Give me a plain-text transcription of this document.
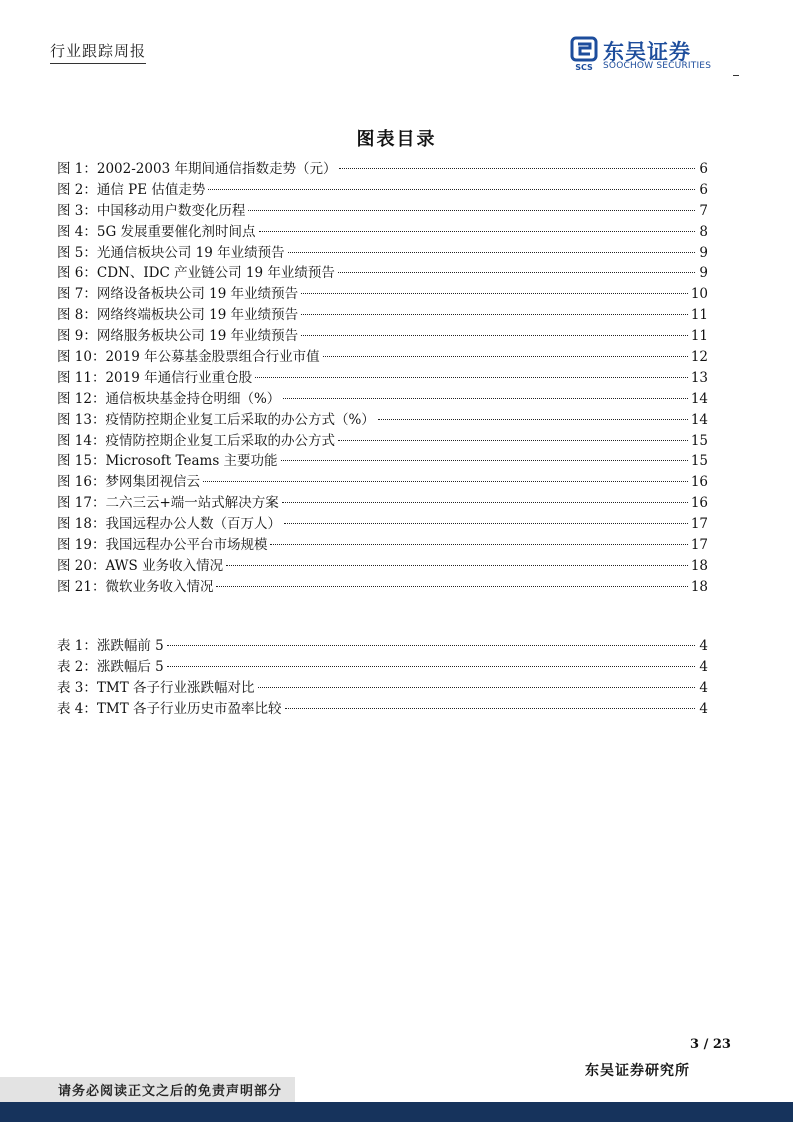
行业跟踪周报
SCS
东吴证券
SOOCHOW SECURITIES
图表目录
图 1：2002-2003 年期间通信指数走势（元）	6
图 2：通信 PE 估值走势	6
图 3：中国移动用户数变化历程	7
图 4：5G 发展重要催化剂时间点	8
图 5：光通信板块公司 19 年业绩预告	9
图 6：CDN、IDC 产业链公司 19 年业绩预告	9
图 7：网络设备板块公司 19 年业绩预告	10
图 8：网络终端板块公司 19 年业绩预告	11
图 9：网络服务板块公司 19 年业绩预告	11
图 10：2019 年公募基金股票组合行业市值	12
图 11：2019 年通信行业重仓股	13
图 12：通信板块基金持仓明细（%）	14
图 13：疫情防控期企业复工后采取的办公方式（%）	14
图 14：疫情防控期企业复工后采取的办公方式	15
图 15：Microsoft Teams 主要功能	15
图 16：梦网集团视信云	16
图 17：二六三云+端一站式解决方案	16
图 18：我国远程办公人数（百万人）	17
图 19：我国远程办公平台市场规模	17
图 20：AWS 业务收入情况	18
图 21：微软业务收入情况	18
表 1：涨跌幅前 5	4
表 2：涨跌幅后 5	4
表 3：TMT 各子行业涨跌幅对比	4
表 4：TMT 各子行业历史市盈率比较	4
3 / 23
东吴证券研究所
请务必阅读正文之后的免责声明部分
